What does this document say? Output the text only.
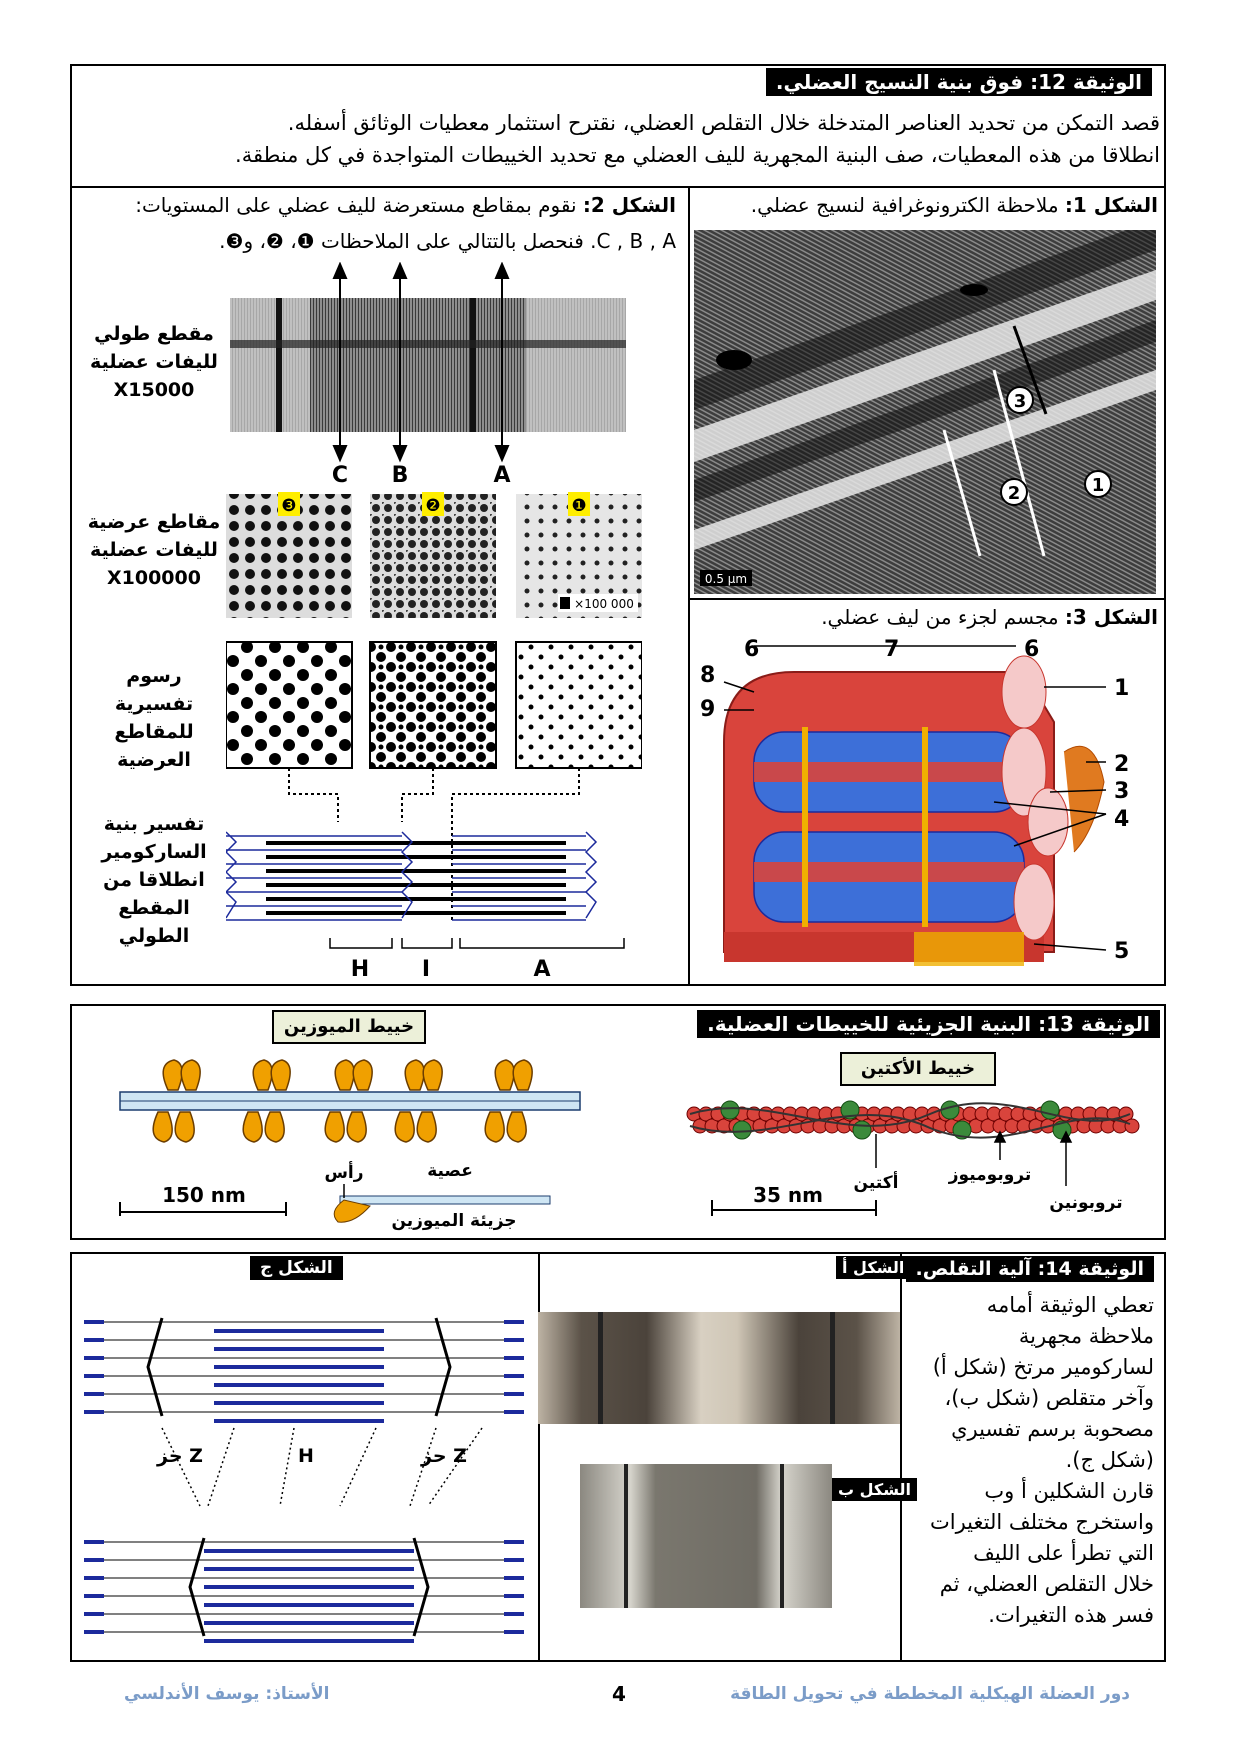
الوثيقة 12: فوق بنية النسيج العضلي.
قصد التمكن من تحديد العناصر المتدخلة خلال التقلص العضلي، نقترح استثمار معطيات الوثائق أسفله.
انطلاقا من هذه المعطيات، صف البنية المجهرية لليف العضلي مع تحديد الخييطات المتواجدة في كل منطقة.
الشكل 1: ملاحظة الكترونوغرافية لنسيج عضلي.
1
2
3
0.5 µm
الشكل 3: مجسم لجزء من ليف عضلي.
1
2
3
4
5
6	7	6
8
9
الشكل 2: نقوم بمقاطع مستعرضة لليف عضلي على المستويات:
C , B , A. فنحصل بالتتالي على الملاحظات ❶، ❷، و❸.
مقطع طولي
لليفات عضلية
X15000
مقاطع عرضية
لليفات عضلية
X100000
رسوم تفسيرية
للمقاطع
العرضية
تفسير بنية
الساركومير
انطلاقا من
المقطع الطولي
C B	A
❸	❷	❶
×100 000
H I	A
الوثيقة 13: البنية الجزيئية للخييطات العضلية.
خييط الميوزين
خييط الأكتين
150 nm
رأس	عصية
جزيئة الميوزين
أكتين	تروبوميوز
تروبونين
35 nm
الوثيقة 14: آلية التقلص.
تعطي الوثيقة أمامه
ملاحظة مجهرية
لساركومير مرتخ (شكل أ)
وآخر متقلص (شكل ب)،
مصحوبة برسم تفسيري
(شكل ج).
قارن الشكلين أ وب
واستخرج مختلف التغيرات
التي تطرأ على الليف
خلال التقلص العضلي، ثم
فسر هذه التغيرات.
الشكل أ
الشكل ب
الشكل ج
حز Z	H	حز Z
الأستاذ: يوسف الأندلسي	4	دور العضلة الهيكلية المخططة في تحويل الطاقة
